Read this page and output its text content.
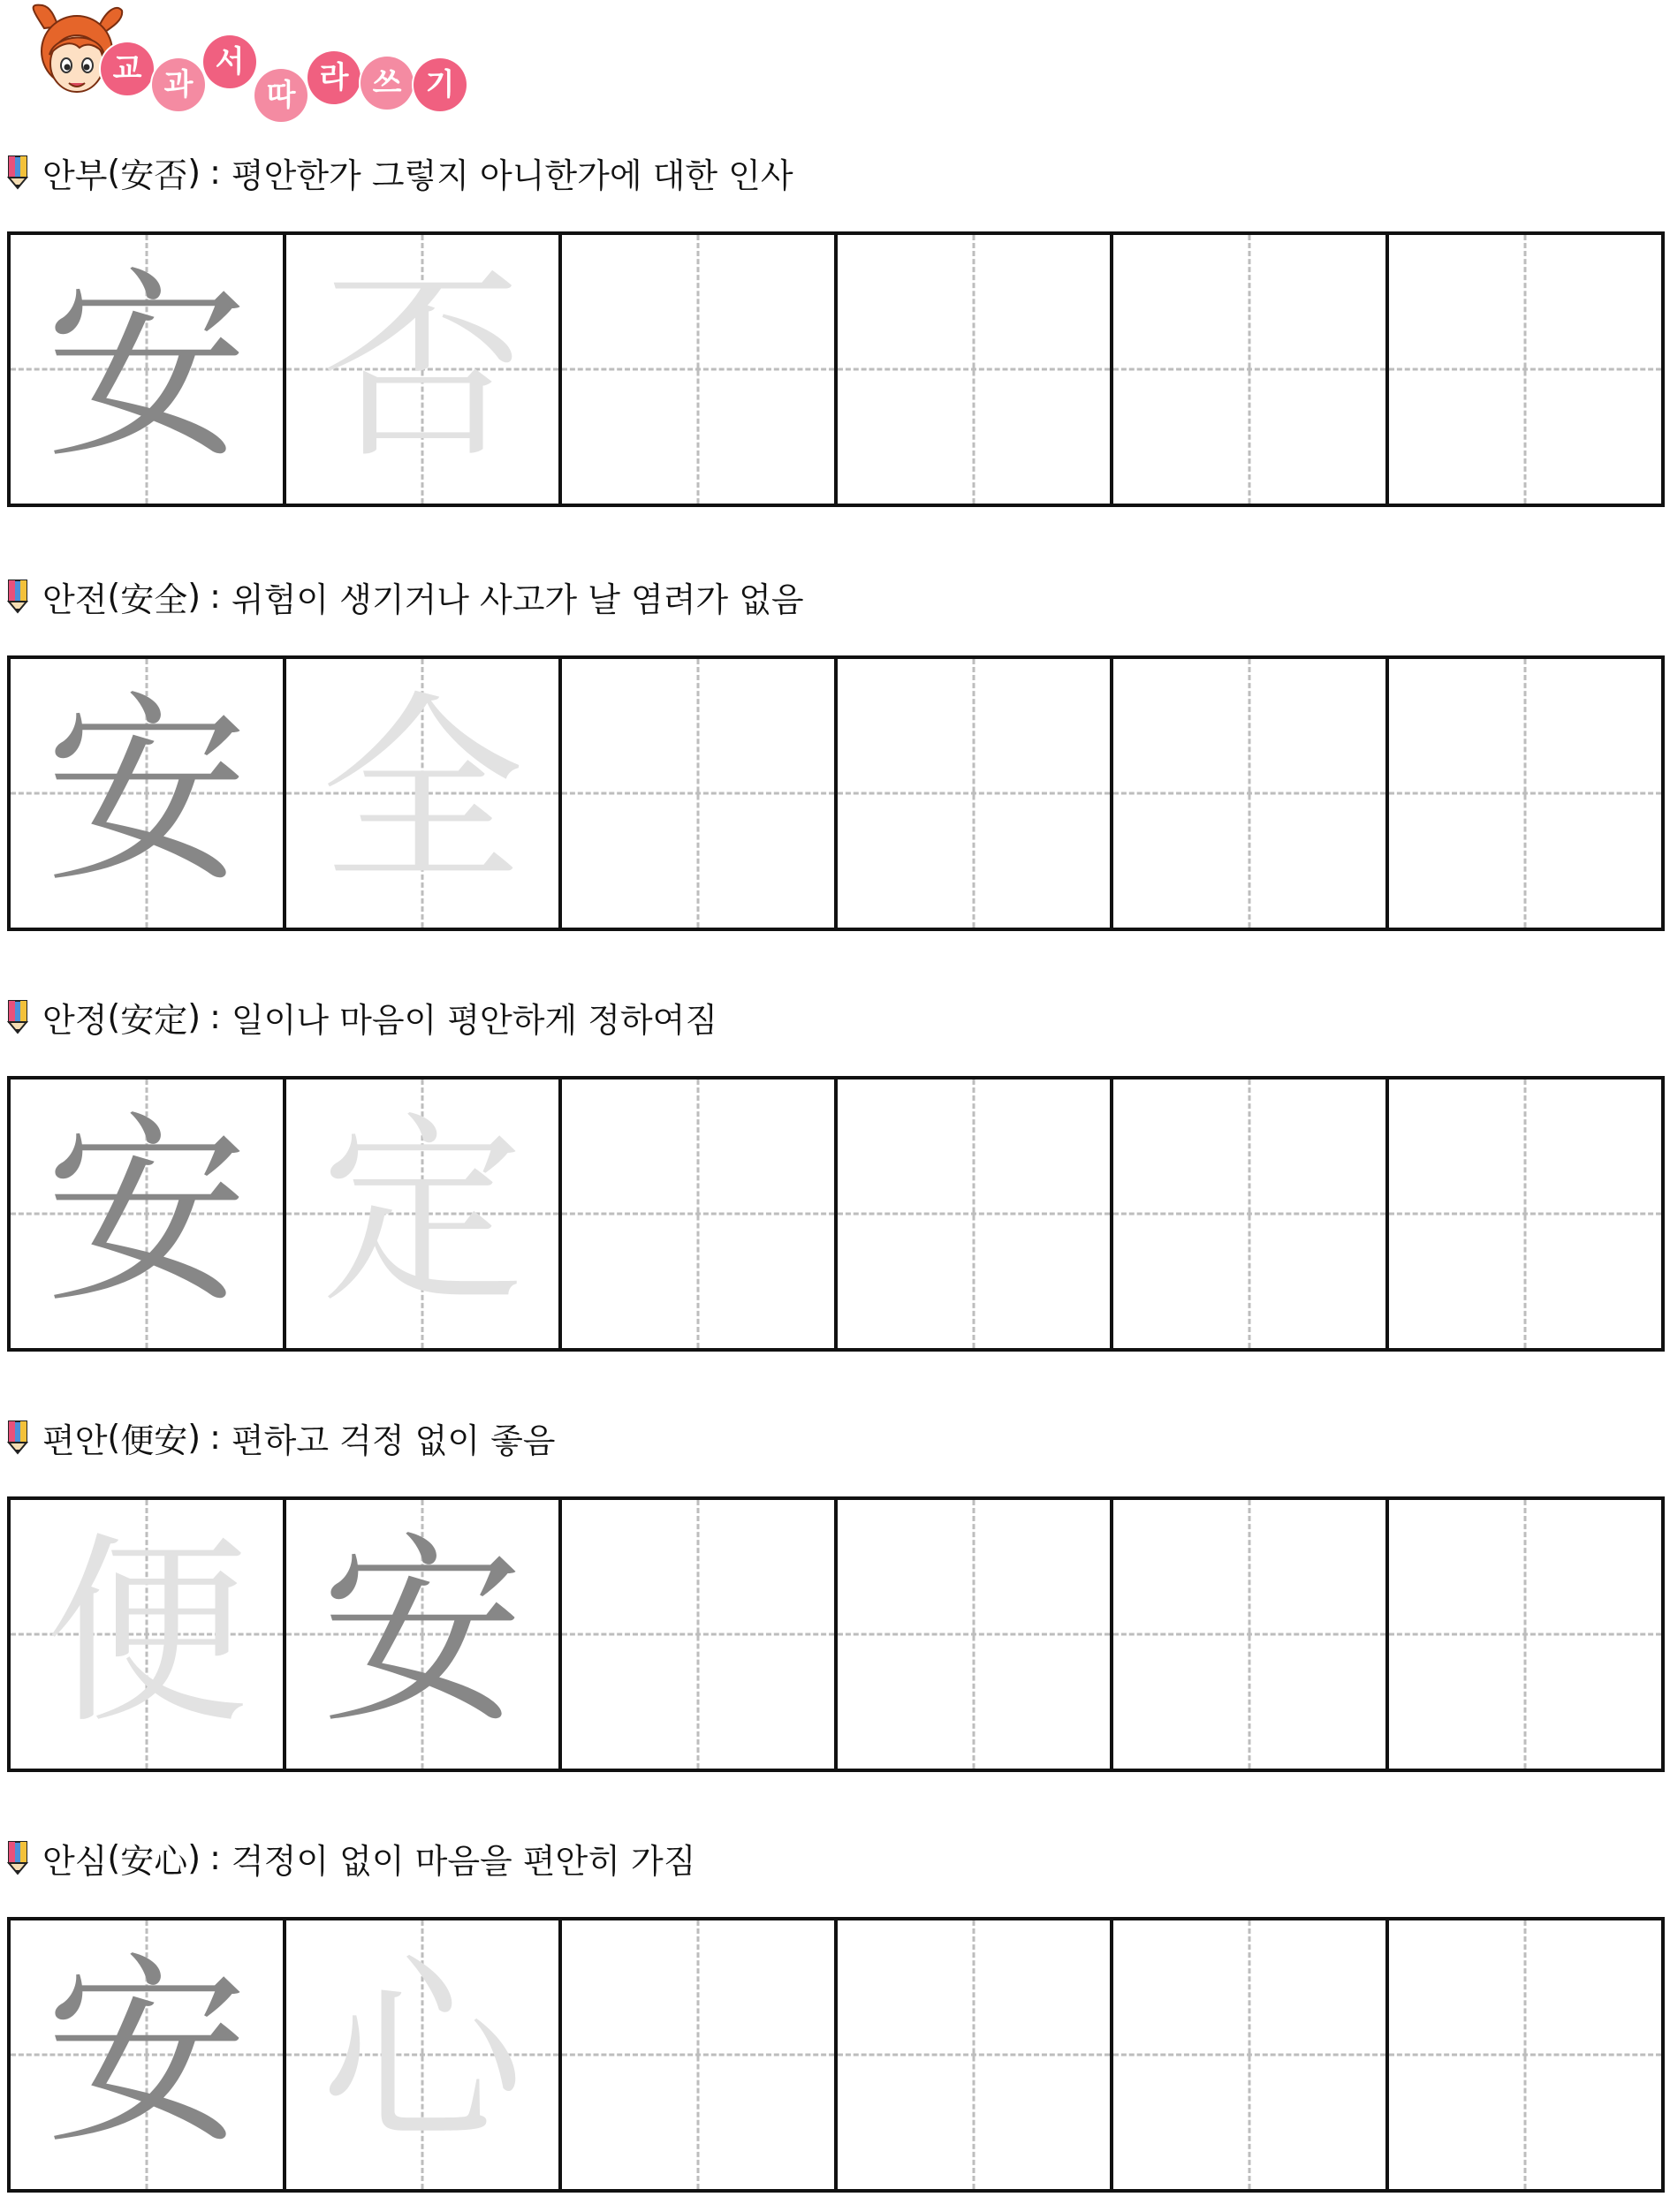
교 과
서
따 라 쓰 기
안부 ( 安否 ) : 평안한가 그렇지 아니한가에 대한 인사
安 否
안전 ( 安全 ) : 위험이 생기거나 사고가 날 염려가 없음
安 全
안정 ( 安定 ) : 일이나 마음이 평안하게 정하여짐
安 定
편안 ( 便安 ) : 편하고 걱정 없이 좋음
便 安
안심 ( 安心 ) : 걱정이 없이 마음을 편안히 가짐
安 心
